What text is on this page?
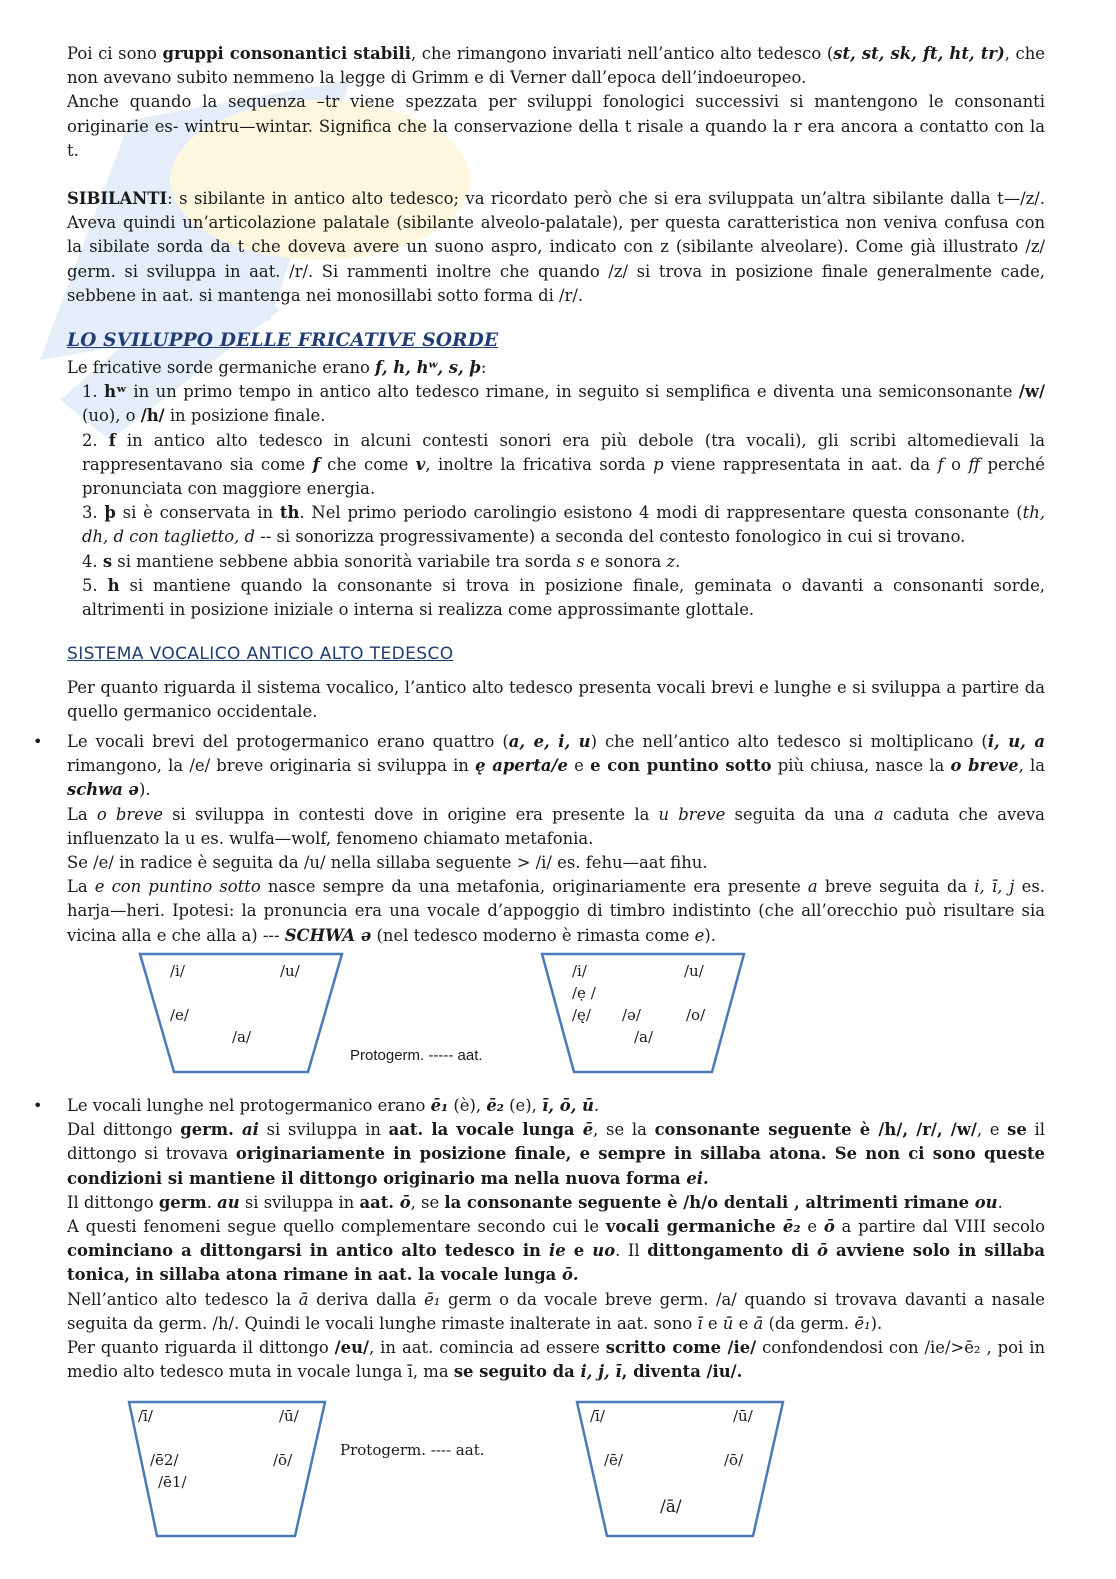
Poi ci sono gruppi consonantici stabili, che rimangono invariati nell’antico alto tedesco (st, st, sk, ft, ht, tr), che non avevano subito nemmeno la legge di Grimm e di Verner dall’epoca dell’indoeuropeo.

Anche quando la sequenza –tr viene spezzata per sviluppi fonologici successivi si mantengono le consonanti originarie es- wintru—wintar. Significa che la conservazione della t risale a quando la r era ancora a contatto con la t.

SIBILANTI: s sibilante in antico alto tedesco; va ricordato però che si era sviluppata un’altra sibilante dalla t—/z/. Aveva quindi un’articolazione palatale (sibilante alveolo-palatale), per questa caratteristica non veniva confusa con la sibilate sorda da t che doveva avere un suono aspro, indicato con z (sibilante alveolare). Come già illustrato /z/ germ. si sviluppa in aat. /r/. Si rammenti inoltre che quando /z/ si trova in posizione finale generalmente cade, sebbene in aat. si mantenga nei monosillabi sotto forma di /r/.

LO SVILUPPO DELLE FRICATIVE SORDE

Le fricative sorde germaniche erano f, h, hʷ, s, þ:

1. hʷ in un primo tempo in antico alto tedesco rimane, in seguito si semplifica e diventa una semiconsonante /w/ (uo), o /h/ in posizione finale.

2. f in antico alto tedesco in alcuni contesti sonori era più debole (tra vocali), gli scribi altomedievali la rappresentavano sia come f che come v, inoltre la fricativa sorda p viene rappresentata in aat. da f o ff perché pronunciata con maggiore energia.

3. þ si è conservata in th. Nel primo periodo carolingio esistono 4 modi di rappresentare questa consonante (th, dh, d con taglietto, d -- si sonorizza progressivamente) a seconda del contesto fonologico in cui si trovano.

4. s si mantiene sebbene abbia sonorità variabile tra sorda s e sonora z.

5. h si mantiene quando la consonante si trova in posizione finale, geminata o davanti a consonanti sorde, altrimenti in posizione iniziale o interna si realizza come approssimante glottale.

SISTEMA VOCALICO ANTICO ALTO TEDESCO

Per quanto riguarda il sistema vocalico, l’antico alto tedesco presenta vocali brevi e lunghe e si sviluppa a partire da quello germanico occidentale.

• Le vocali brevi del protogermanico erano quattro (a, e, i, u) che nell’antico alto tedesco si moltiplicano (i, u, a rimangono, la /e/ breve originaria si sviluppa in ę aperta/e e e con puntino sotto più chiusa, nasce la o breve, la schwa ə).

La o breve si sviluppa in contesti dove in origine era presente la u breve seguita da una a caduta che aveva influenzato la u es. wulfa—wolf, fenomeno chiamato metafonia.

Se /e/ in radice è seguita da /u/ nella sillaba seguente > /i/ es. fehu—aat fihu.

La e con puntino sotto nasce sempre da una metafonia, originariamente era presente a breve seguita da i, ī, j es. harja—heri. Ipotesi: la pronuncia era una vocale d’appoggio di timbro indistinto (che all’orecchio può risultare sia vicina alla e che alla a) --- SCHWA ə (nel tedesco moderno è rimasta come e).

/i/	/u/
/e/
/a/
Protogerm. ----- aat.
/i/	/u/
/ẹ /
/ę/ /ə/	/o/
/a/
• Le vocali lunghe nel protogermanico erano ē₁ (è), ē₂ (e), ī, ō, ū.

Dal dittongo germ. ai si sviluppa in aat. la vocale lunga ē, se la consonante seguente è /h/, /r/, /w/, e se il dittongo si trovava originariamente in posizione finale, e sempre in sillaba atona. Se non ci sono queste condizioni si mantiene il dittongo originario ma nella nuova forma ei.

Il dittongo germ. au si sviluppa in aat. ō, se la consonante seguente è /h/o dentali , altrimenti rimane ou.

A questi fenomeni segue quello complementare secondo cui le vocali germaniche ē₂ e ō a partire dal VIII secolo cominciano a dittongarsi in antico alto tedesco in ie e uo. Il dittongamento di ō avviene solo in sillaba tonica, in sillaba atona rimane in aat. la vocale lunga ō.

Nell’antico alto tedesco la ā deriva dalla ē₁ germ o da vocale breve germ. /a/ quando si trovava davanti a nasale seguita da germ. /h/. Quindi le vocali lunghe rimaste inalterate in aat. sono ī e ū e ā (da germ. ē₁).

Per quanto riguarda il dittongo /eu/, in aat. comincia ad essere scritto come /ie/ confondendosi con /ie/>ē₂ , poi in medio alto tedesco muta in vocale lunga ī, ma se seguito da i, j, ī, diventa /iu/.

/ī/	/ū/
/ē2/	/ō/
/ē1/
Protogerm. ---- aat.
/ī/	/ū/
/ē/	/ō/
/ā/
